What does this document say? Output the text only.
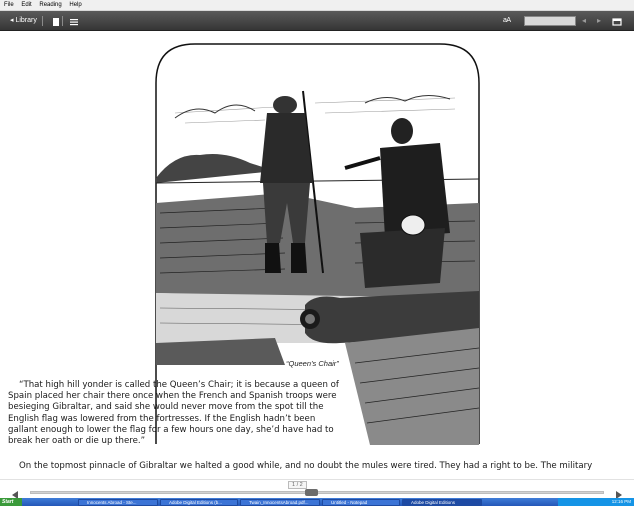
File Edit Reading Help
◂ Library	aA	◂	▸
“Queen’s Chair”

“That high hill yonder is called the Queen’s Chair; it is because a queen of Spain placed her chair there once when the French and Spanish troops were besieging Gibraltar, and said she would never move from the spot till the English flag was lowered from the fortresses. If the English hadn’t been gallant enough to lower the flag for a few hours one day, she’d have had to break her oath or die up there.”

On the topmost pinnacle of Gibraltar we halted a good while, and no doubt the mules were tired. They had a right to be. The military

1 / 2
Start	Innocents Abroad - Ste...	Adobe Digital Editions (b...	Twain_InnocentsAbroad.pdf...	Untitled - Notepad	Adobe Digital Editions	12:16 PM
